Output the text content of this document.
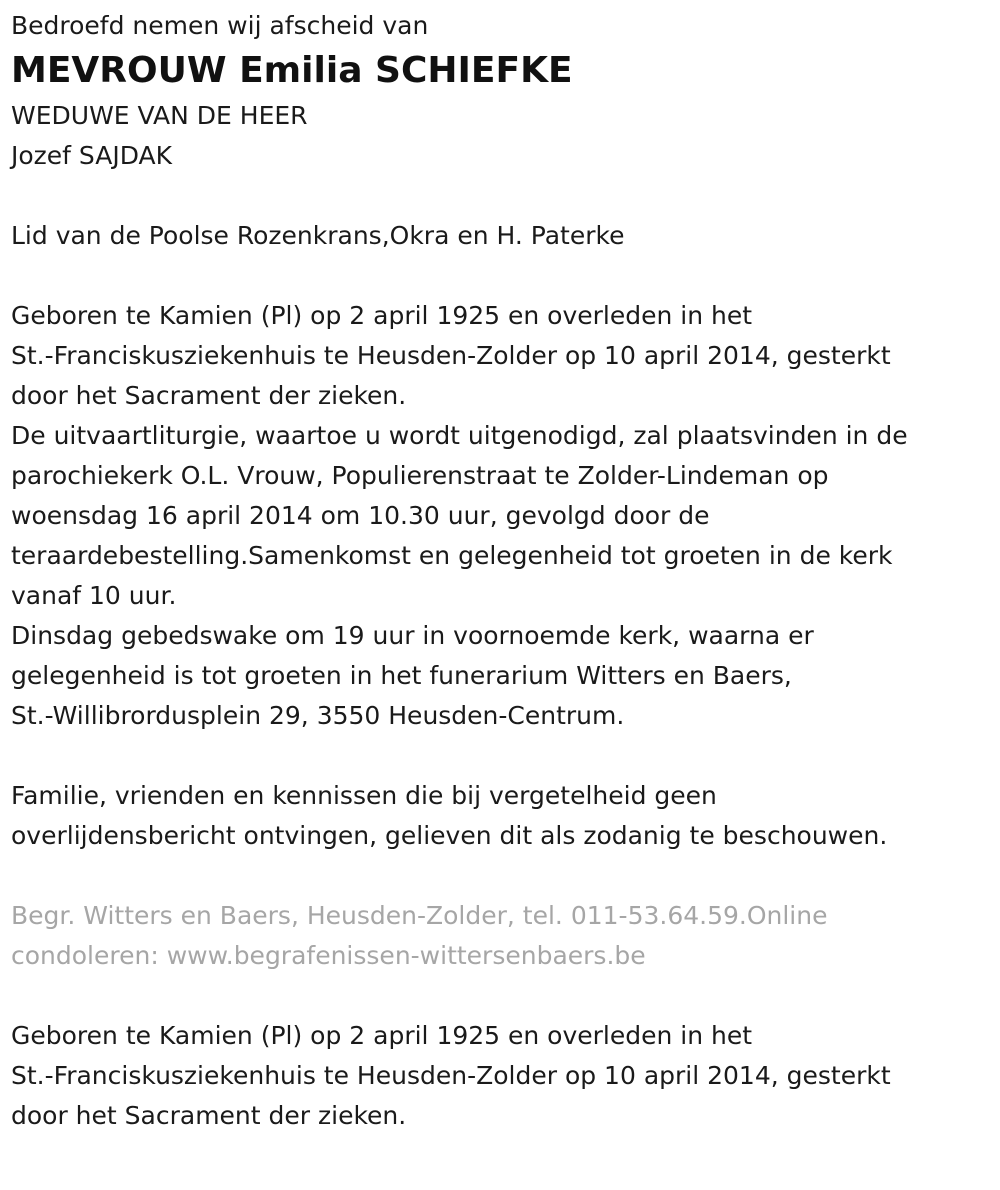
Bedroefd nemen wij afscheid van

MEVROUW Emilia SCHIEFKE

WEDUWE VAN DE HEER

Jozef SAJDAK

Lid van de Poolse Rozenkrans,Okra en H. Paterke

Geboren te Kamien (Pl) op 2 april 1925 en overleden in het

St.-Franciskusziekenhuis te Heusden-Zolder op 10 april 2014, gesterkt

door het Sacrament der zieken.

De uitvaartliturgie, waartoe u wordt uitgenodigd, zal plaatsvinden in de

parochiekerk O.L. Vrouw, Populierenstraat te Zolder-Lindeman op

woensdag 16 april 2014 om 10.30 uur, gevolgd door de

teraardebestelling.Samenkomst en gelegenheid tot groeten in de kerk

vanaf 10 uur.

Dinsdag gebedswake om 19 uur in voornoemde kerk, waarna er

gelegenheid is tot groeten in het funerarium Witters en Baers,

St.-Willibrordusplein 29, 3550 Heusden-Centrum.

Familie, vrienden en kennissen die bij vergetelheid geen

overlijdensbericht ontvingen, gelieven dit als zodanig te beschouwen.

Begr. Witters en Baers, Heusden-Zolder, tel. 011-53.64.59.Online

condoleren: www.begrafenissen-wittersenbaers.be

Geboren te Kamien (Pl) op 2 april 1925 en overleden in het

St.-Franciskusziekenhuis te Heusden-Zolder op 10 april 2014, gesterkt

door het Sacrament der zieken.
